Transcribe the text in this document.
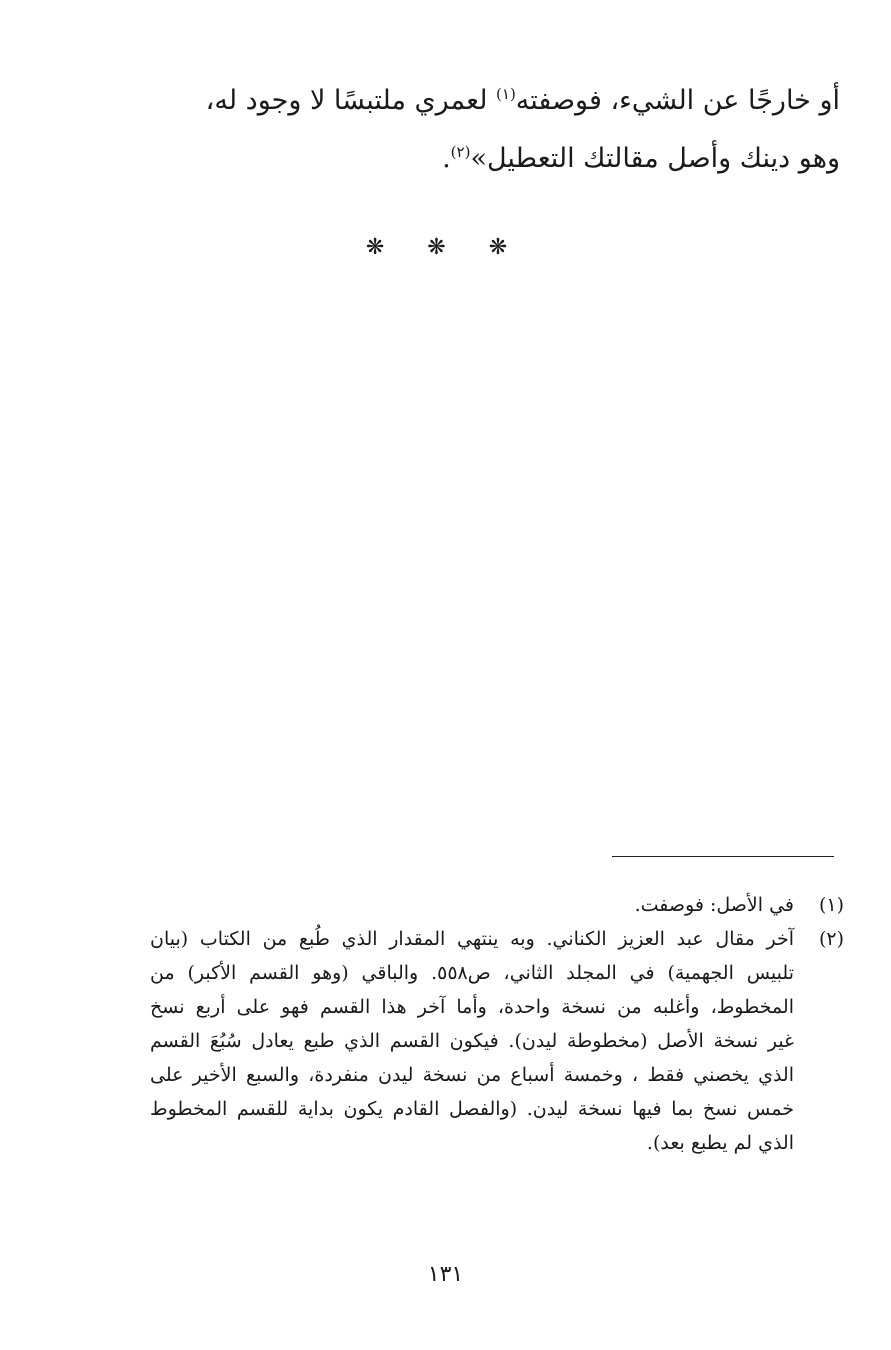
أو خارجًا عن الشيء، فوصفته$^{(١)}$ لعمري ملتبسًا لا وجود له،
وهو دينك وأصل مقالتك التعطيل»$^{(٢)}$.
❋ ❋ ❋
(١)
في الأصل: فوصفت.
(٢)
آخر مقال عبد العزيز الكناني. وبه ينتهي المقدار الذي طُبع من الكتاب (بيان
تلبيس الجهمية) في المجلد الثاني، ص٥٥٨. والباقي (وهو القسم الأكبر) من
المخطوط، وأغلبه من نسخة واحدة، وأما آخر هذا القسم فهو على أربع نسخ
غير نسخة الأصل (مخطوطة ليدن). فيكون القسم الذي طبع يعادل سُبُعَ القسم
الذي يخصني فقط ، وخمسة أسباع من نسخة ليدن منفردة، والسبع الأخير على
خمس نسخ بما فيها نسخة ليدن. (والفصل القادم يكون بداية للقسم المخطوط
الذي لم يطبع بعد).
١٣١
